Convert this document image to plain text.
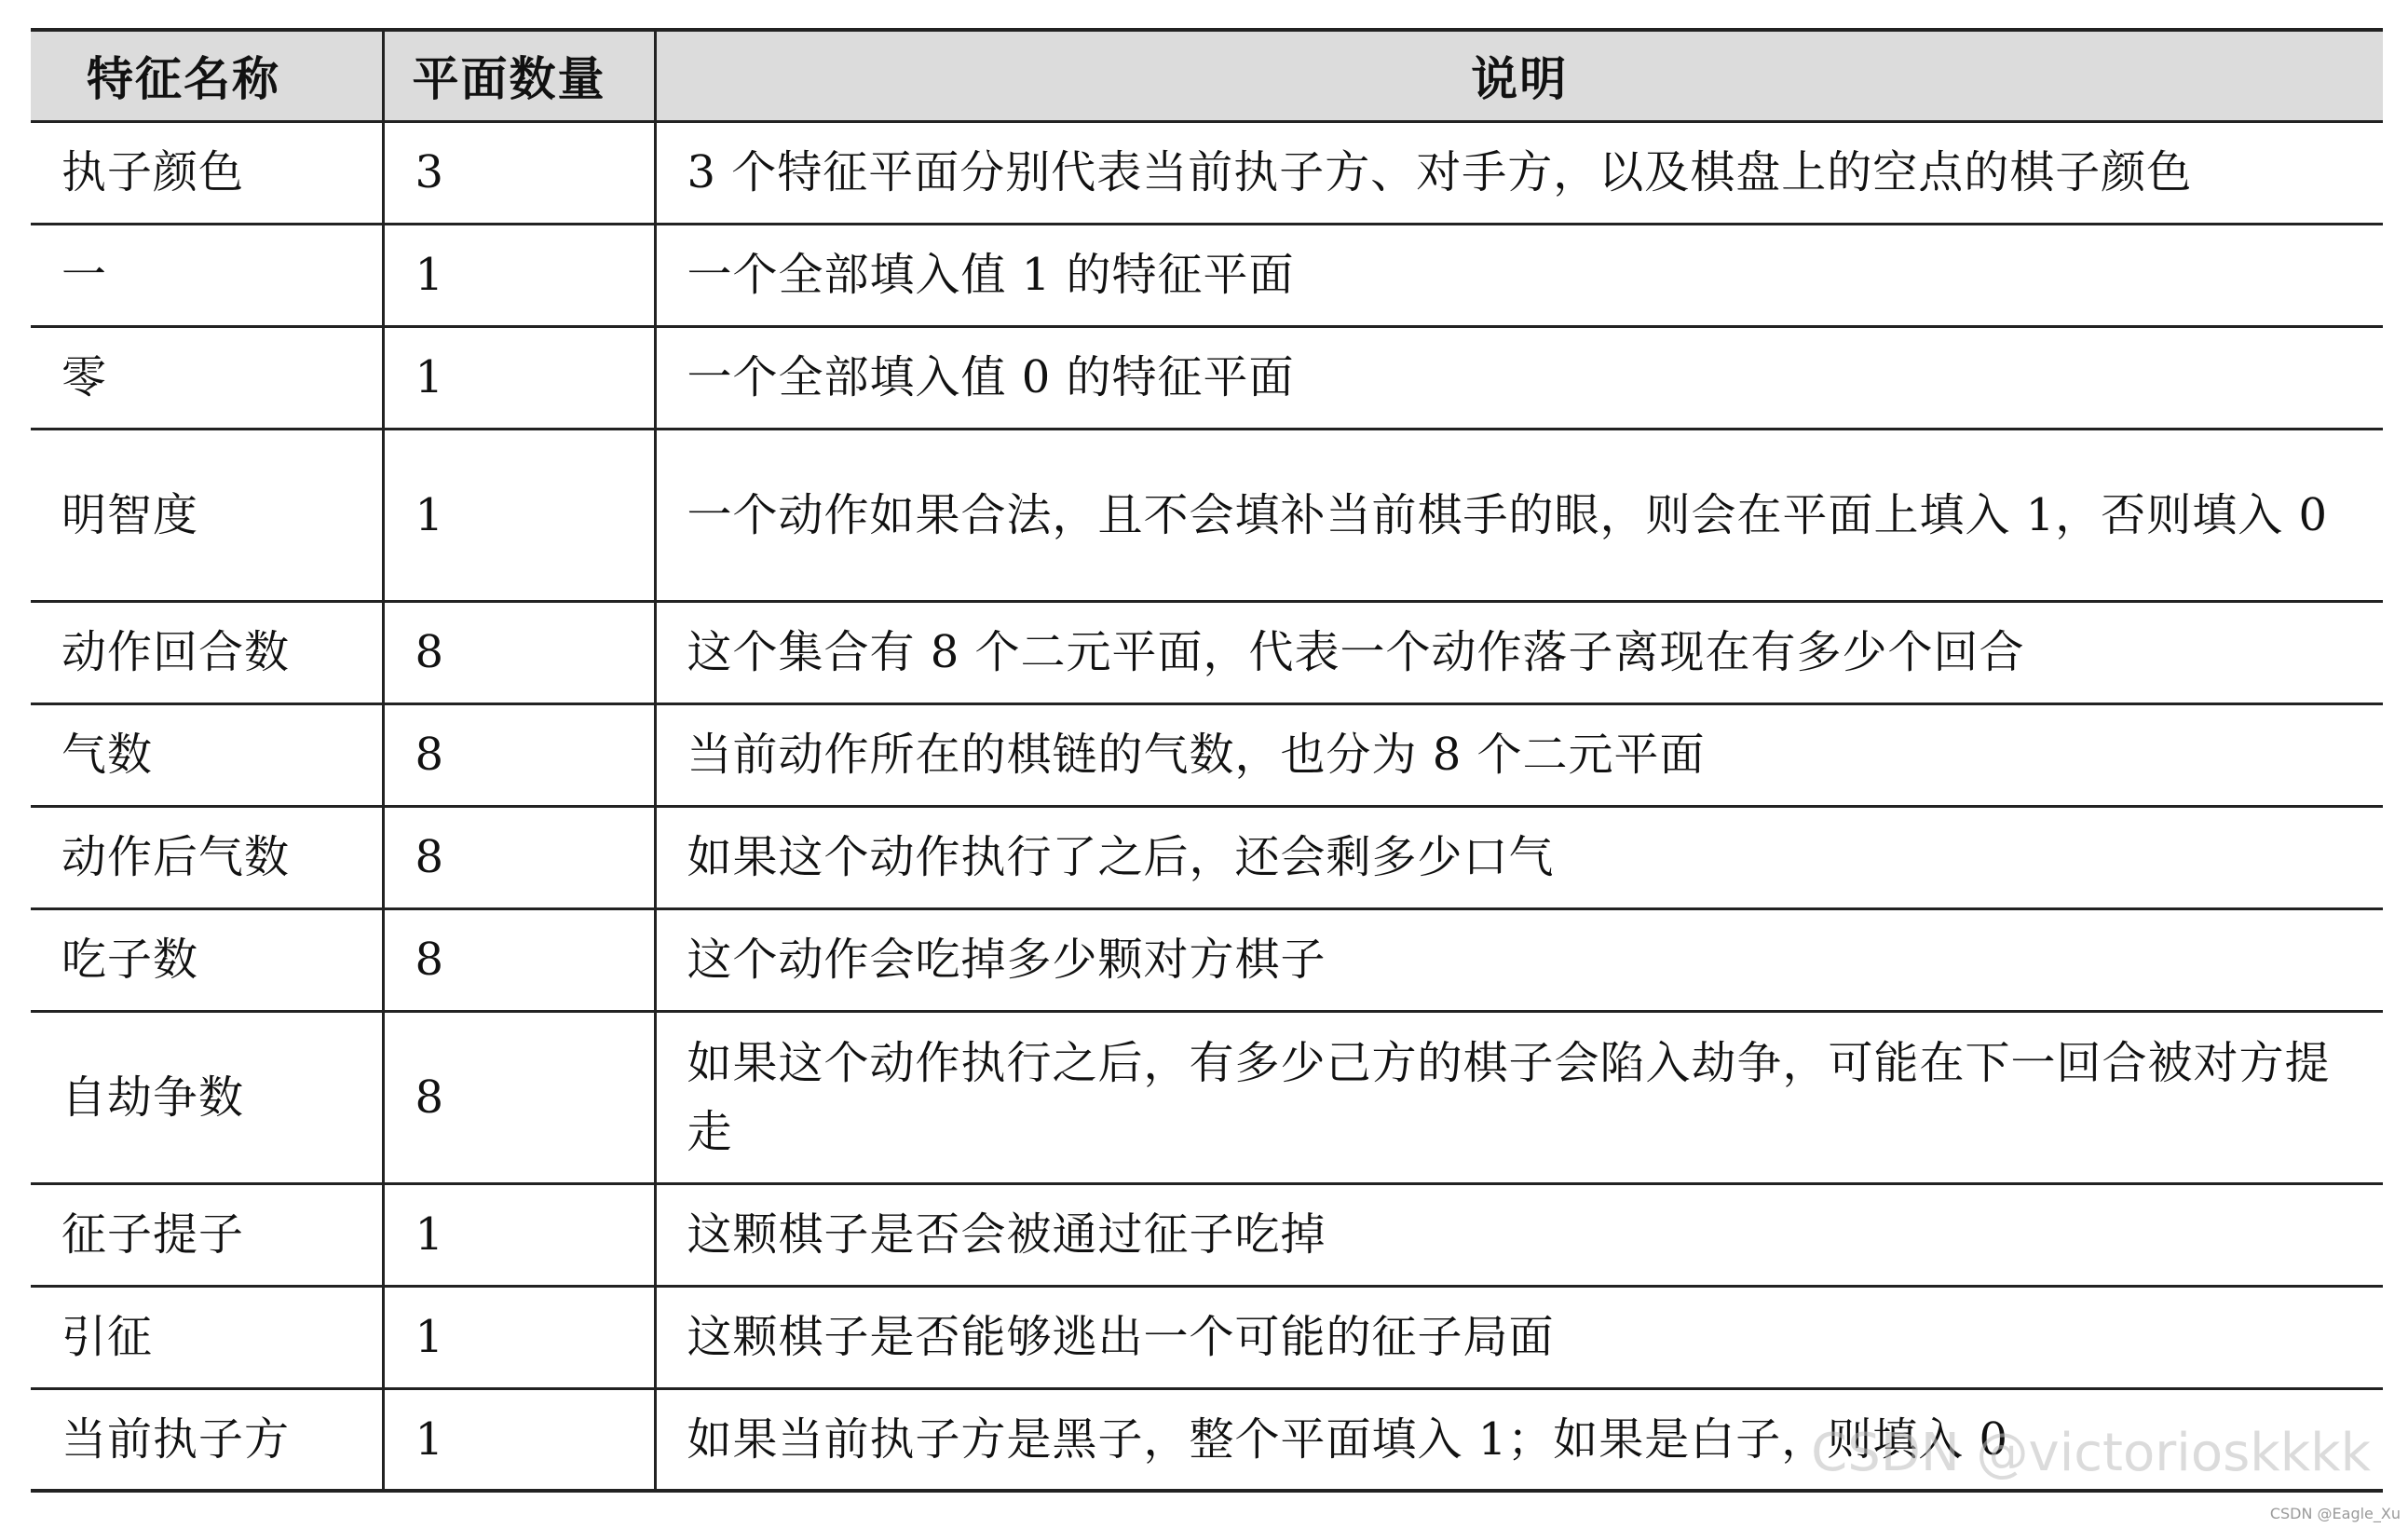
特征名称	平面数量	说明
执子颜色	3	3 个特征平面分别代表当前执子方、对手方，以及棋盘上的空点的棋子颜色
一	1	一个全部填入值 1 的特征平面
零	1	一个全部填入值 0 的特征平面
明智度	1	一个动作如果合法，且不会填补当前棋手的眼，则会在平面上填入 1，否则填入 0
动作回合数	8	这个集合有 8 个二元平面，代表一个动作落子离现在有多少个回合
气数	8	当前动作所在的棋链的气数，也分为 8 个二元平面
动作后气数	8	如果这个动作执行了之后，还会剩多少口气
吃子数	8	这个动作会吃掉多少颗对方棋子
自劫争数	8	如果这个动作执行之后，有多少己方的棋子会陷入劫争，可能在下一回合被对方提走
征子提子	1	这颗棋子是否会被通过征子吃掉
引征	1	这颗棋子是否能够逃出一个可能的征子局面
当前执子方	1	如果当前执子方是黑子，整个平面填入 1；如果是白子，则填入 0
CSDN @victorioskkkk
CSDN @Eagle_Xu
